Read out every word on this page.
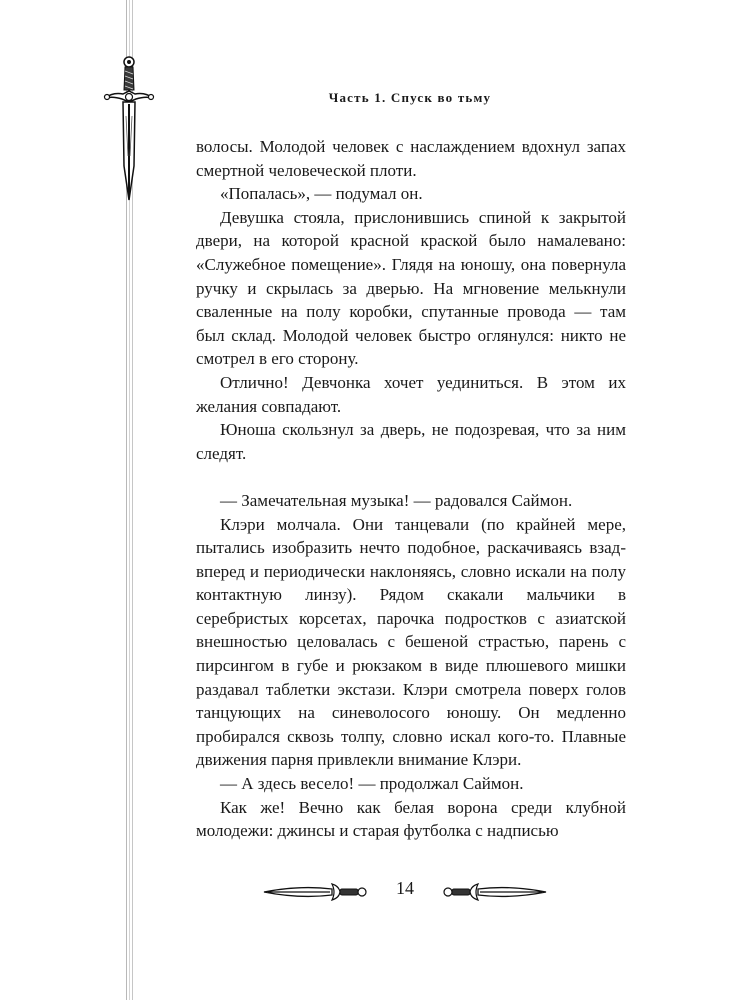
Часть 1. Спуск во тьму

волосы. Молодой человек с наслаждением вдохнул запах смертной человеческой плоти.

«Попалась», — подумал он.

Девушка стояла, прислонившись спиной к закрытой двери, на которой красной краской было намалевано: «Служебное помещение». Глядя на юношу, она повернула ручку и скрылась за дверью. На мгновение мелькнули сваленные на полу коробки, спутанные провода — там был склад. Молодой человек быстро оглянулся: никто не смотрел в его сторону.

Отлично! Девчонка хочет уединиться. В этом их желания совпадают.

Юноша скользнул за дверь, не подозревая, что за ним следят.

— Замечательная музыка! — радовался Саймон.

Клэри молчала. Они танцевали (по крайней мере, пытались изобразить нечто подобное, раскачиваясь взад-вперед и периодически наклоняясь, словно искали на полу контактную линзу). Рядом скакали мальчики в серебристых корсетах, парочка подростков с азиатской внешностью целовалась с бешеной страстью, парень с пирсингом в губе и рюкзаком в виде плюшевого мишки раздавал таблетки экстази. Клэри смотрела поверх голов танцующих на синеволосого юношу. Он медленно пробирался сквозь толпу, словно искал кого-то. Плавные движения парня привлекли внимание Клэри.

— А здесь весело! — продолжал Саймон.

Как же! Вечно как белая ворона среди клубной молодежи: джинсы и старая футболка с надписью

14
